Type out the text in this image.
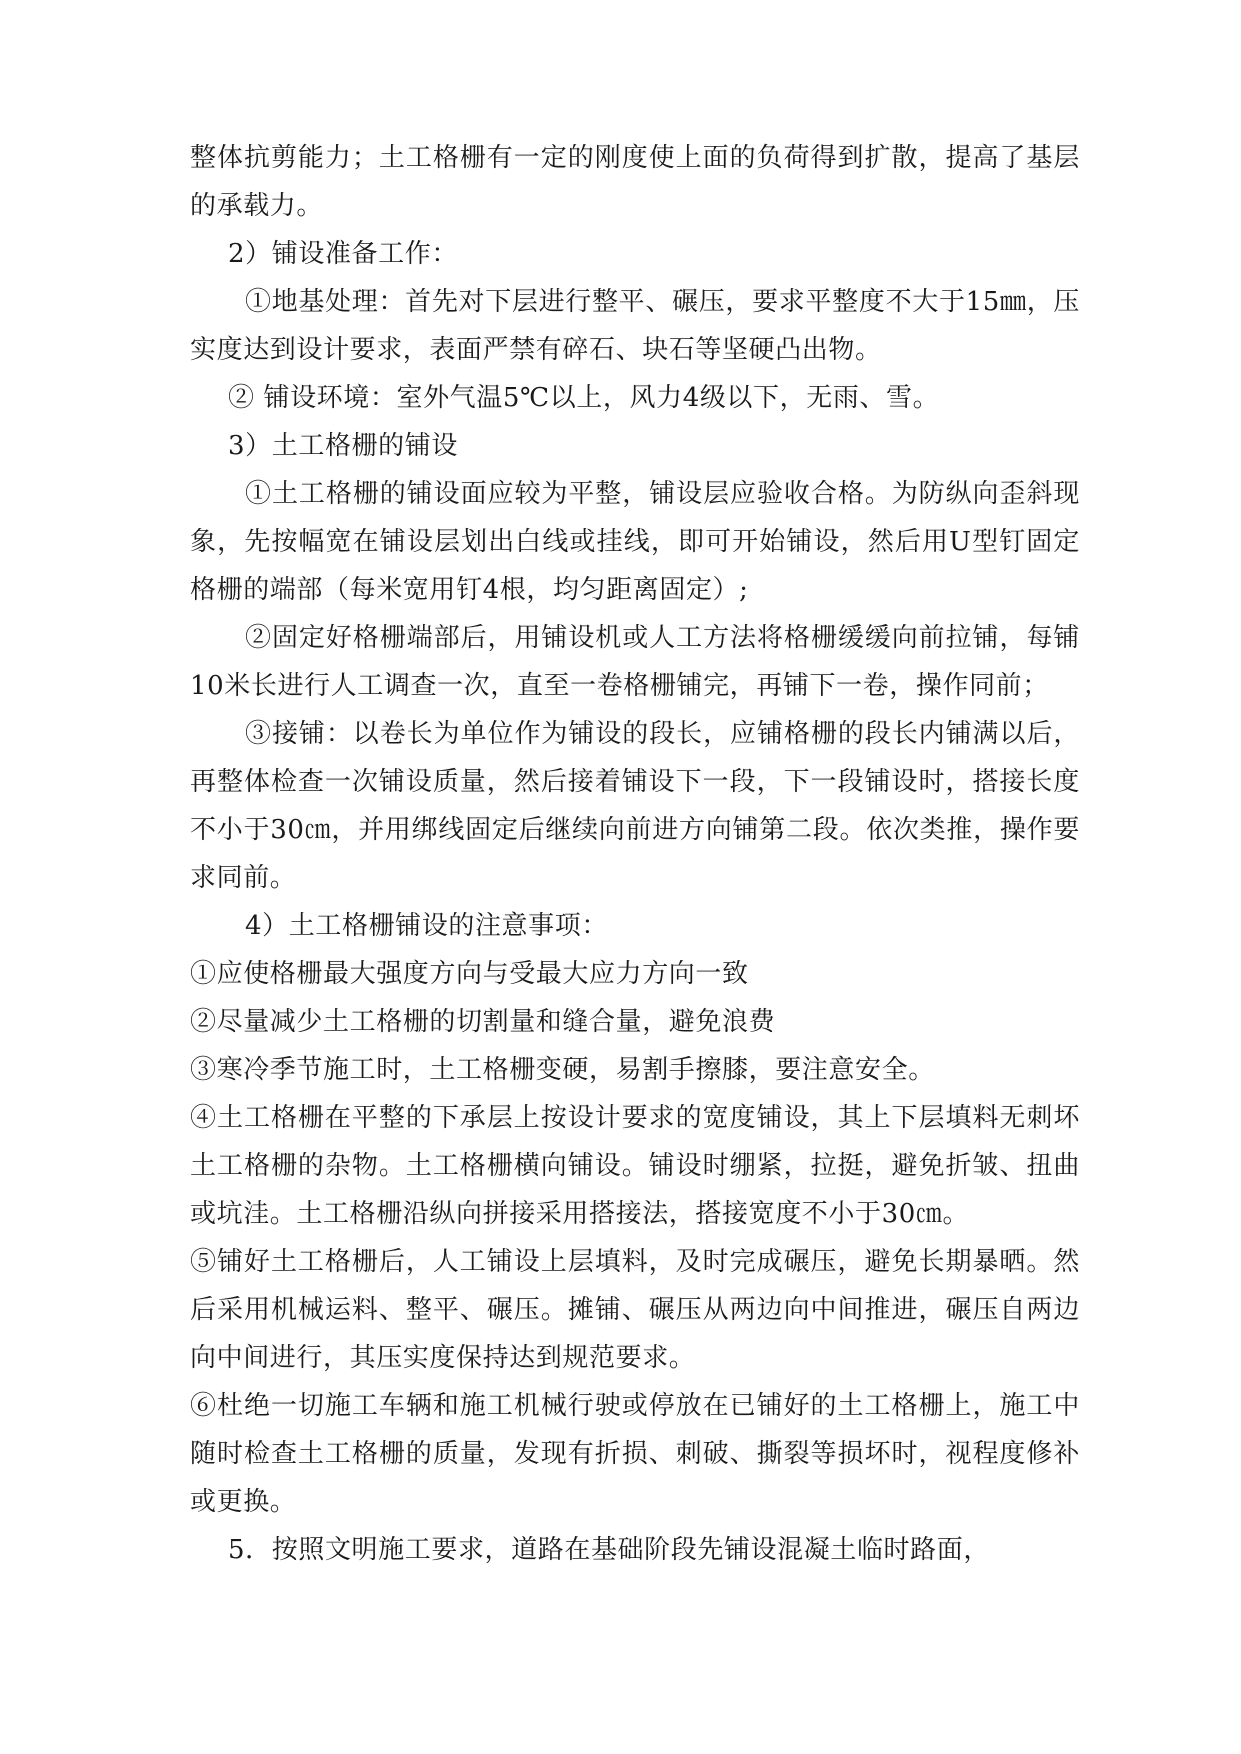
整体抗剪能力；土工格栅有一定的刚度使上面的负荷得到扩散，提高了基层的承载力。

2）铺设准备工作：

①地基处理：首先对下层进行整平、碾压，要求平整度不大于15㎜，压实度达到设计要求，表面严禁有碎石、块石等坚硬凸出物。

② 铺设环境：室外气温5℃以上，风力4级以下，无雨、雪。

3）土工格栅的铺设

①土工格栅的铺设面应较为平整，铺设层应验收合格。为防纵向歪斜现象，先按幅宽在铺设层划出白线或挂线，即可开始铺设，然后用U型钉固定格栅的端部（每米宽用钉4根，均匀距离固定）;

②固定好格栅端部后，用铺设机或人工方法将格栅缓缓向前拉铺，每铺10米长进行人工调查一次，直至一卷格栅铺完，再铺下一卷，操作同前；

③接铺：以卷长为单位作为铺设的段长，应铺格栅的段长内铺满以后，再整体检查一次铺设质量，然后接着铺设下一段，下一段铺设时，搭接长度不小于30㎝，并用绑线固定后继续向前进方向铺第二段。依次类推，操作要求同前。

4）土工格栅铺设的注意事项：

①应使格栅最大强度方向与受最大应力方向一致

②尽量减少土工格栅的切割量和缝合量，避免浪费

③寒冷季节施工时，土工格栅变硬，易割手擦膝，要注意安全。

④土工格栅在平整的下承层上按设计要求的宽度铺设，其上下层填料无刺坏土工格栅的杂物。土工格栅横向铺设。铺设时绷紧，拉挺，避免折皱、扭曲或坑洼。土工格栅沿纵向拼接采用搭接法，搭接宽度不小于30㎝。

⑤铺好土工格栅后，人工铺设上层填料，及时完成碾压，避免长期暴晒。然后采用机械运料、整平、碾压。摊铺、碾压从两边向中间推进，碾压自两边向中间进行，其压实度保持达到规范要求。

⑥杜绝一切施工车辆和施工机械行驶或停放在已铺好的土工格栅上，施工中随时检查土工格栅的质量，发现有折损、刺破、撕裂等损坏时，视程度修补或更换。

5．按照文明施工要求，道路在基础阶段先铺设混凝土临时路面，
